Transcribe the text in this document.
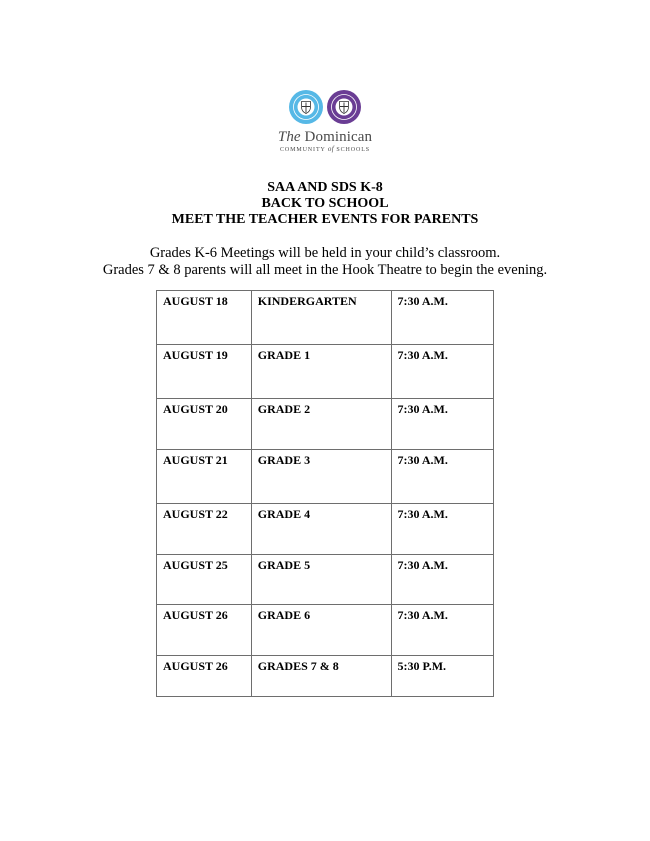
The Dominican
COMMUNITY of SCHOOLS
SAA AND SDS K-8
BACK TO SCHOOL
MEET THE TEACHER EVENTS FOR PARENTS
Grades K-6 Meetings will be held in your child’s classroom.
Grades 7 & 8 parents will all meet in the Hook Theatre to begin the evening.
AUGUST 18	KINDERGARTEN	7:30 A.M.
AUGUST 19	GRADE 1	7:30 A.M.
AUGUST 20	GRADE 2	7:30 A.M.
AUGUST 21	GRADE 3	7:30 A.M.
AUGUST 22	GRADE 4	7:30 A.M.
AUGUST 25	GRADE 5	7:30 A.M.
AUGUST 26	GRADE 6	7:30 A.M.
AUGUST 26	GRADES 7 & 8	5:30 P.M.
